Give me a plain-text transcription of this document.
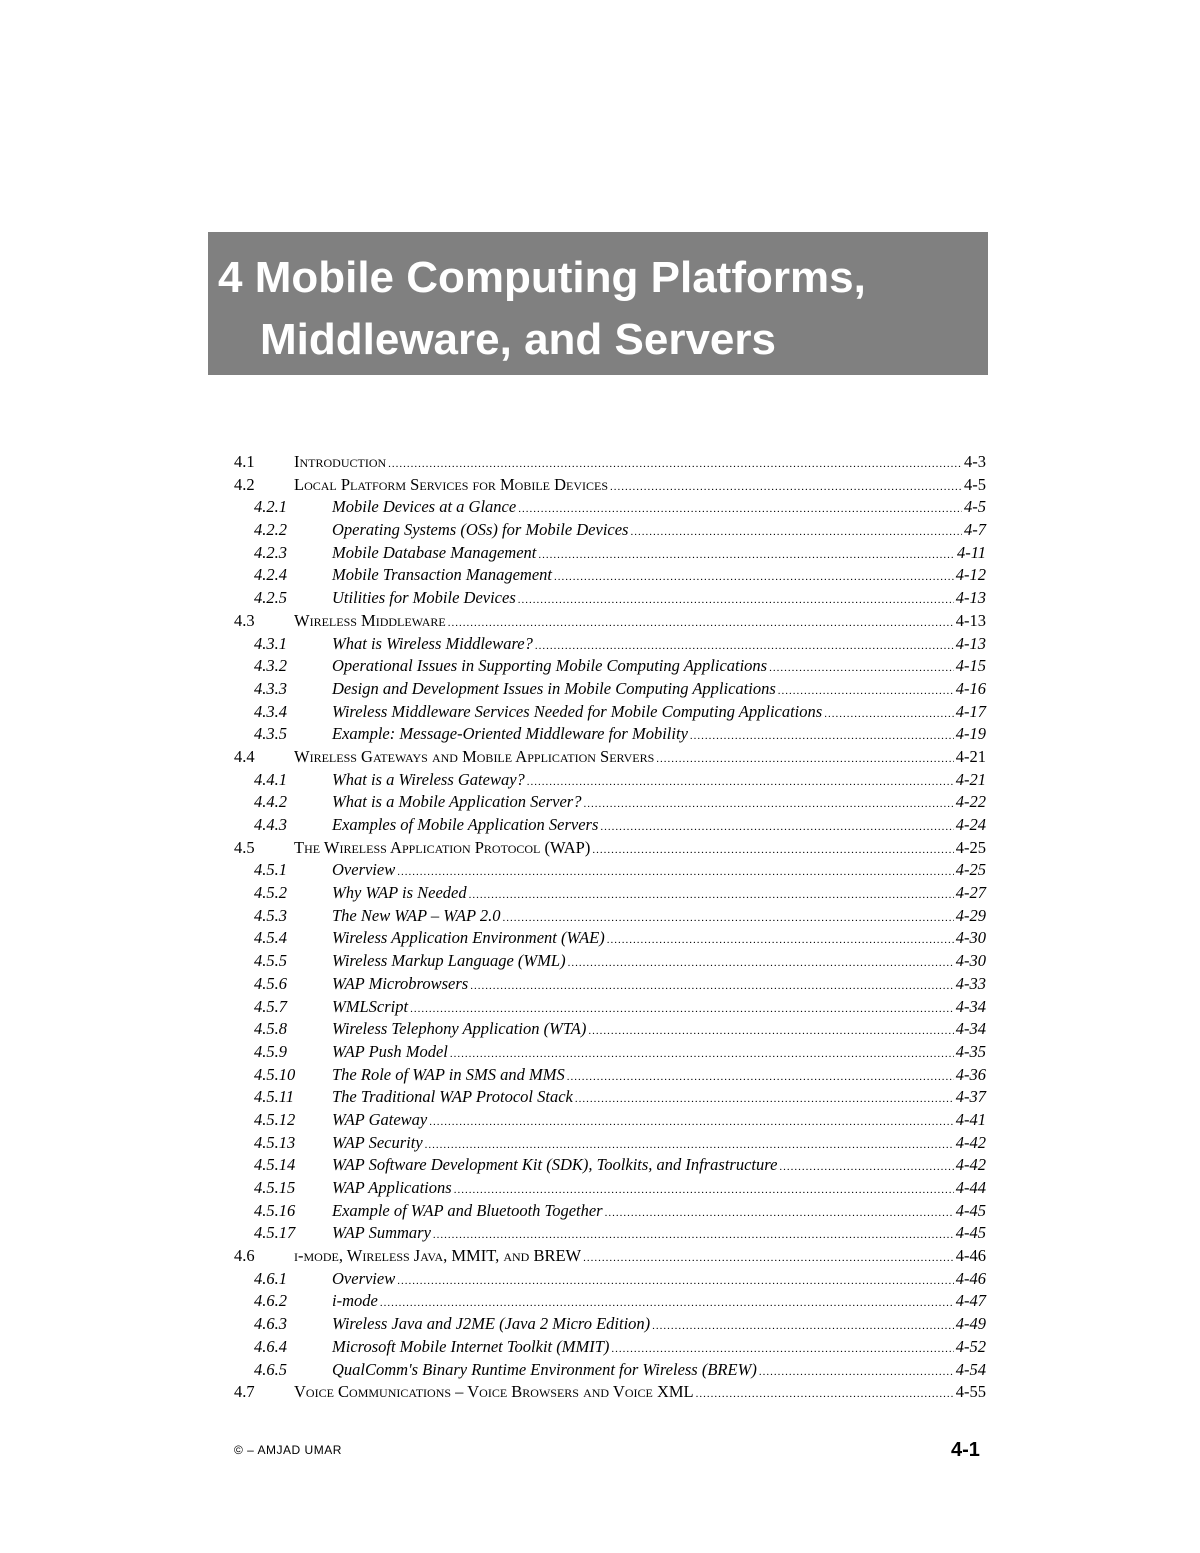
4 Mobile Computing Platforms,
Middleware, and Servers
4.1	Introduction .....	4-3
4.2	Local Platform Services for Mobile Devices .....	4-5
4.2.1	Mobile Devices at a Glance .....	4-5
4.2.2	Operating Systems (OSs) for Mobile Devices .....	4-7
4.2.3	Mobile Database Management .....	4-11
4.2.4	Mobile Transaction Management .....	4-12
4.2.5	Utilities for Mobile Devices .....	4-13
4.3	Wireless Middleware .....	4-13
4.3.1	What is Wireless Middleware? .....	4-13
4.3.2	Operational Issues in Supporting Mobile Computing Applications .....	4-15
4.3.3	Design and Development Issues in Mobile Computing Applications .....	4-16
4.3.4	Wireless Middleware Services Needed for Mobile Computing Applications .....	4-17
4.3.5	Example: Message-Oriented Middleware for Mobility .....	4-19
4.4	Wireless Gateways and Mobile Application Servers .....	4-21
4.4.1	What is a Wireless Gateway? .....	4-21
4.4.2	What is a Mobile Application Server? .....	4-22
4.4.3	Examples of Mobile Application Servers .....	4-24
4.5	The Wireless Application Protocol (WAP) .....	4-25
4.5.1	Overview .....	4-25
4.5.2	Why WAP is Needed .....	4-27
4.5.3	The New WAP – WAP 2.0 .....	4-29
4.5.4	Wireless Application Environment (WAE) .....	4-30
4.5.5	Wireless Markup Language (WML) .....	4-30
4.5.6	WAP Microbrowsers .....	4-33
4.5.7	WMLScript .....	4-34
4.5.8	Wireless Telephony Application (WTA) .....	4-34
4.5.9	WAP Push Model .....	4-35
4.5.10	The Role of WAP in SMS and MMS .....	4-36
4.5.11	The Traditional WAP Protocol Stack .....	4-37
4.5.12	WAP Gateway .....	4-41
4.5.13	WAP Security .....	4-42
4.5.14	WAP Software Development Kit (SDK), Toolkits, and Infrastructure .....	4-42
4.5.15	WAP Applications .....	4-44
4.5.16	Example of WAP and Bluetooth Together .....	4-45
4.5.17	WAP Summary .....	4-45
4.6	i-mode, Wireless Java, MMIT, and BREW .....	4-46
4.6.1	Overview .....	4-46
4.6.2	i-mode .....	4-47
4.6.3	Wireless Java and J2ME (Java 2 Micro Edition) .....	4-49
4.6.4	Microsoft Mobile Internet Toolkit (MMIT) .....	4-52
4.6.5	QualComm's Binary Runtime Environment for Wireless (BREW) .....	4-54
4.7	Voice Communications – Voice Browsers and Voice XML .....	4-55
© – AMJAD UMAR	4-1
